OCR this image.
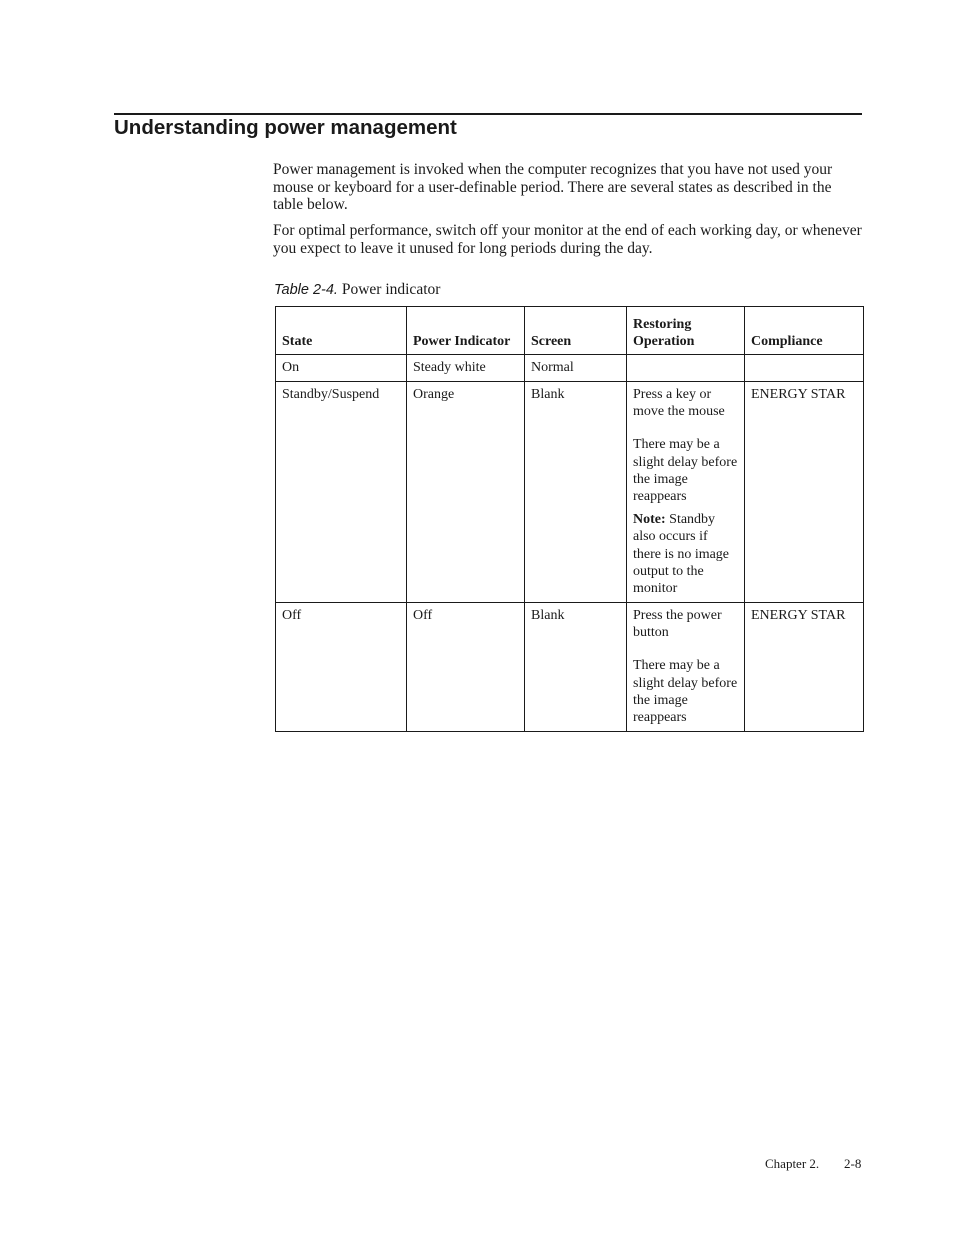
Understanding power management

Power management is invoked when the computer recognizes that you have not used your mouse or keyboard for a user-definable period. There are several states as described in the table below.

For optimal performance, switch off your monitor at the end of each working day, or whenever you expect to leave it unused for long periods during the day.

Table 2-4. Power indicator
State	Power Indicator	Screen	Restoring Operation	Compliance
On	Steady white	Normal		
Standby/Suspend	Orange	Blank	Press a key or move the mouse
There may be a slight delay before the image reappears
Note: Standby also occurs if there is no image output to the monitor	ENERGY STAR
Off	Off	Blank	Press the power button
There may be a slight delay before the image reappears	ENERGY STAR
Chapter 2. 2-8
